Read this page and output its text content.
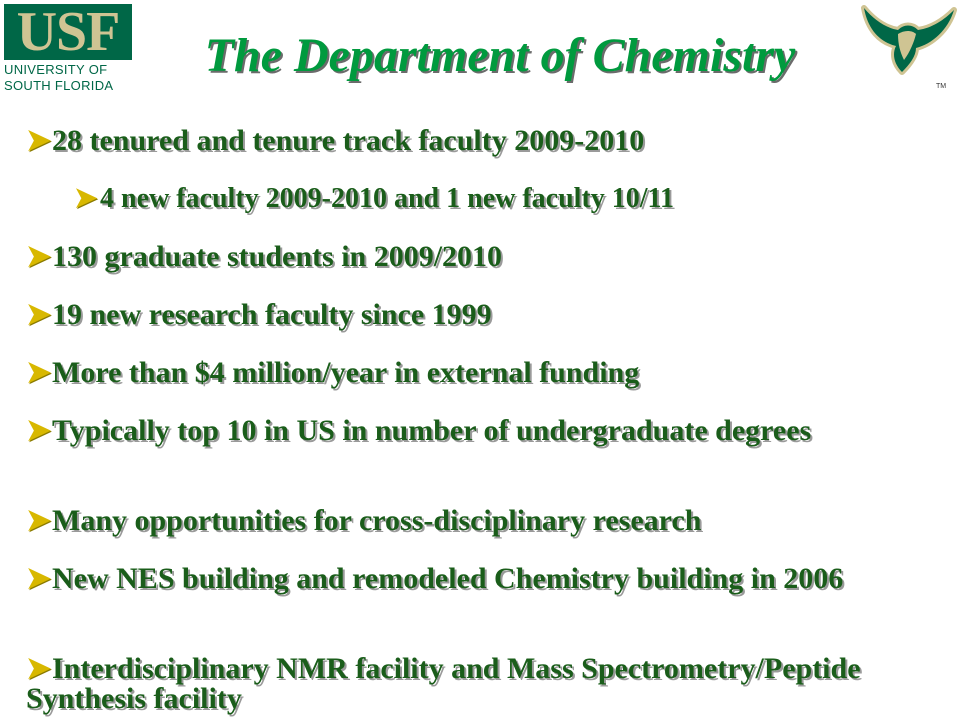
USF
UNIVERSITY OF
SOUTH FLORIDA	TM
The Department of Chemistry
➤28 tenured and tenure track faculty 2009-2010
➤4 new faculty 2009-2010 and 1 new faculty 10/11
➤130 graduate students in 2009/2010
➤19 new research faculty since 1999
➤More than $4 million/year in external funding
➤Typically top 10 in US in number of undergraduate degrees
➤Many opportunities for cross-disciplinary research
➤New NES building and remodeled Chemistry building in 2006
➤Interdisciplinary NMR facility and Mass Spectrometry/Peptide Synthesis facility
